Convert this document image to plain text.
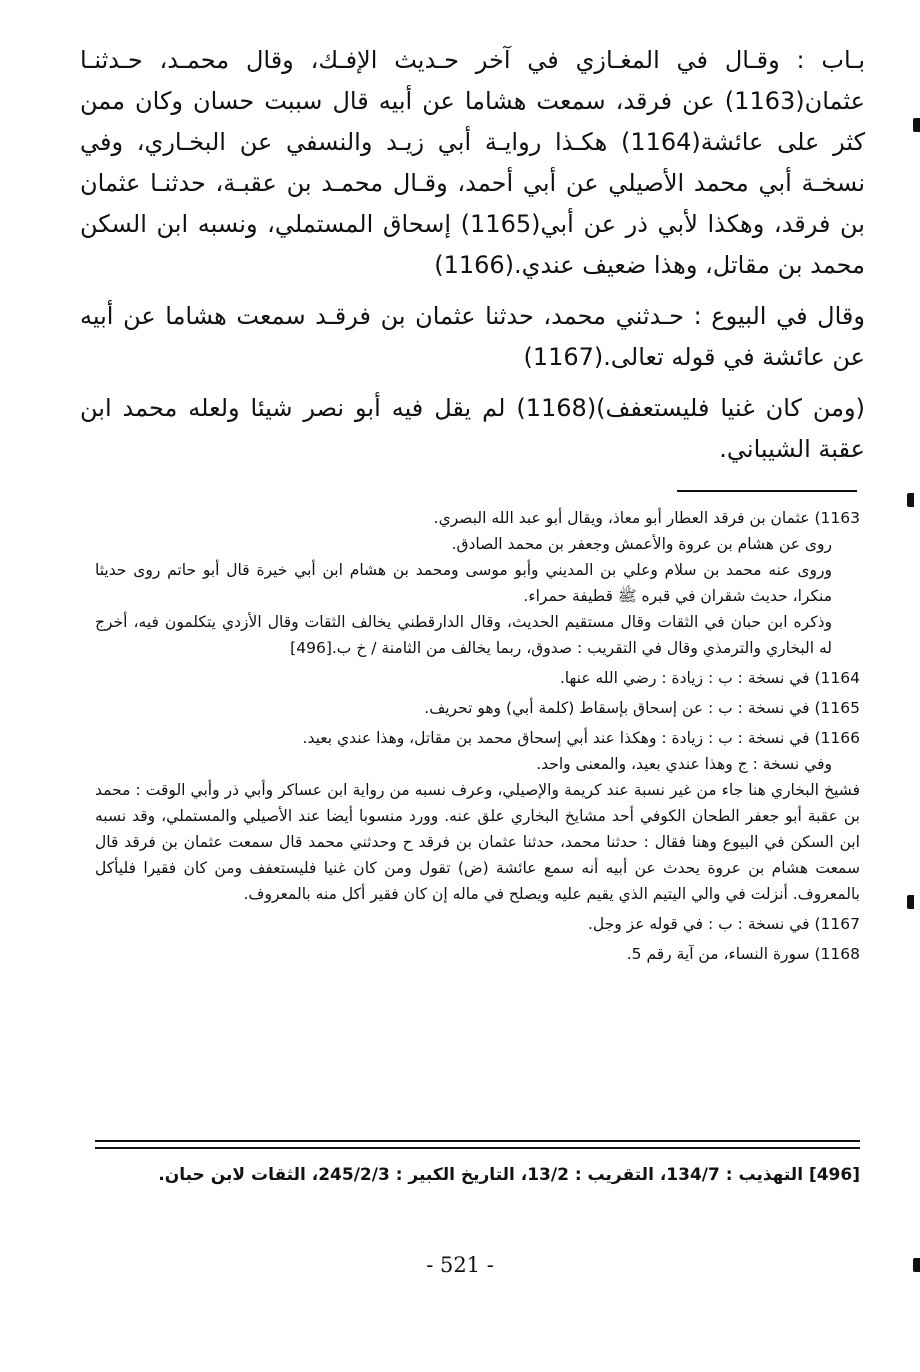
بـاب : وقـال في المغـازي في آخر حـديث الإفـك، وقال محمـد، حـدثنـا عثمان(1163) عن فرقد، سمعت هشاما عن أبيه قال سببت حسان وكان ممن كثر على عائشة(1164) هكـذا روايـة أبي زيـد والنسفي عن البخـاري، وفي نسخـة أبي محمد الأصيلي عن أبي أحمد، وقـال محمـد بن عقبـة، حدثنـا عثمان بن فرقد، وهكذا لأبي ذر عن أبي(1165) إسحاق المستملي، ونسبه ابن السكن محمد بن مقاتل، وهذا ضعيف عندي.(1166)

وقال في البيوع : حـدثني محمد، حدثنا عثمان بن فرقـد سمعت هشاما عن أبيه عن عائشة في قوله تعالى.(1167)

(ومن كان غنيا فليستعفف)(1168) لم يقل فيه أبو نصر شيئا ولعله محمد ابن عقبة الشيباني.

1163) عثمان بن فرقد العطار أبو معاذ، ويقال أبو عبد الله البصري.
روى عن هشام بن عروة والأعمش وجعفر بن محمد الصادق.
وروى عنه محمد بن سلام وعلي بن المديني وأبو موسى ومحمد بن هشام ابن أبي خيرة قال أبو حاتم روى حديثا منكرا، حديث شقران في قبره ﷺ قطيفة حمراء.
وذكره ابن حبان في الثقات وقال مستقيم الحديث، وقال الدارقطني يخالف الثقات وقال الأزدي يتكلمون فيه، أخرج له البخاري والترمذي وقال في التقريب : صدوق، ربما يخالف من الثامنة / خ ب.[496]
1164) في نسخة : ب : زيادة : رضي الله عنها.
1165) في نسخة : ب : عن إسحاق بإسقاط (كلمة أبي) وهو تحريف.
1166) في نسخة : ب : زيادة : وهكذا عند أبي إسحاق محمد بن مقاتل، وهذا عندي بعيد.
وفي نسخة : ج وهذا عندي بعيد، والمعنى واحد.
فشيخ البخاري هنا جاء من غير نسبة عند كريمة والإصيلي، وعرف نسبه من رواية ابن عساكر وأبي ذر وأبي الوقت : محمد بن عقبة أبو جعفر الطحان الكوفي أحد مشايخ البخاري علق عنه. وورد منسوبا أيضا عند الأصيلي والمستملي، وقد نسبه ابن السكن في البيوع وهنا فقال : حدثنا محمد، حدثنا عثمان بن فرقد ح وحدثني محمد قال سمعت عثمان بن فرقد قال سمعت هشام بن عروة يحدث عن أبيه أنه سمع عائشة (ض) تقول ومن كان غنيا فليستعفف ومن كان فقيرا فليأكل بالمعروف. أنزلت في والي اليتيم الذي يقيم عليه ويصلح في ماله إن كان فقير أكل منه بالمعروف.
1167) في نسخة : ب : في قوله عز وجل.
1168) سورة النساء، من آية رقم 5.
[496] التهذيب : 134/7، التقريب : 13/2، التاريخ الكبير : 245/2/3، الثقات لابن حبان.
- 521 -
